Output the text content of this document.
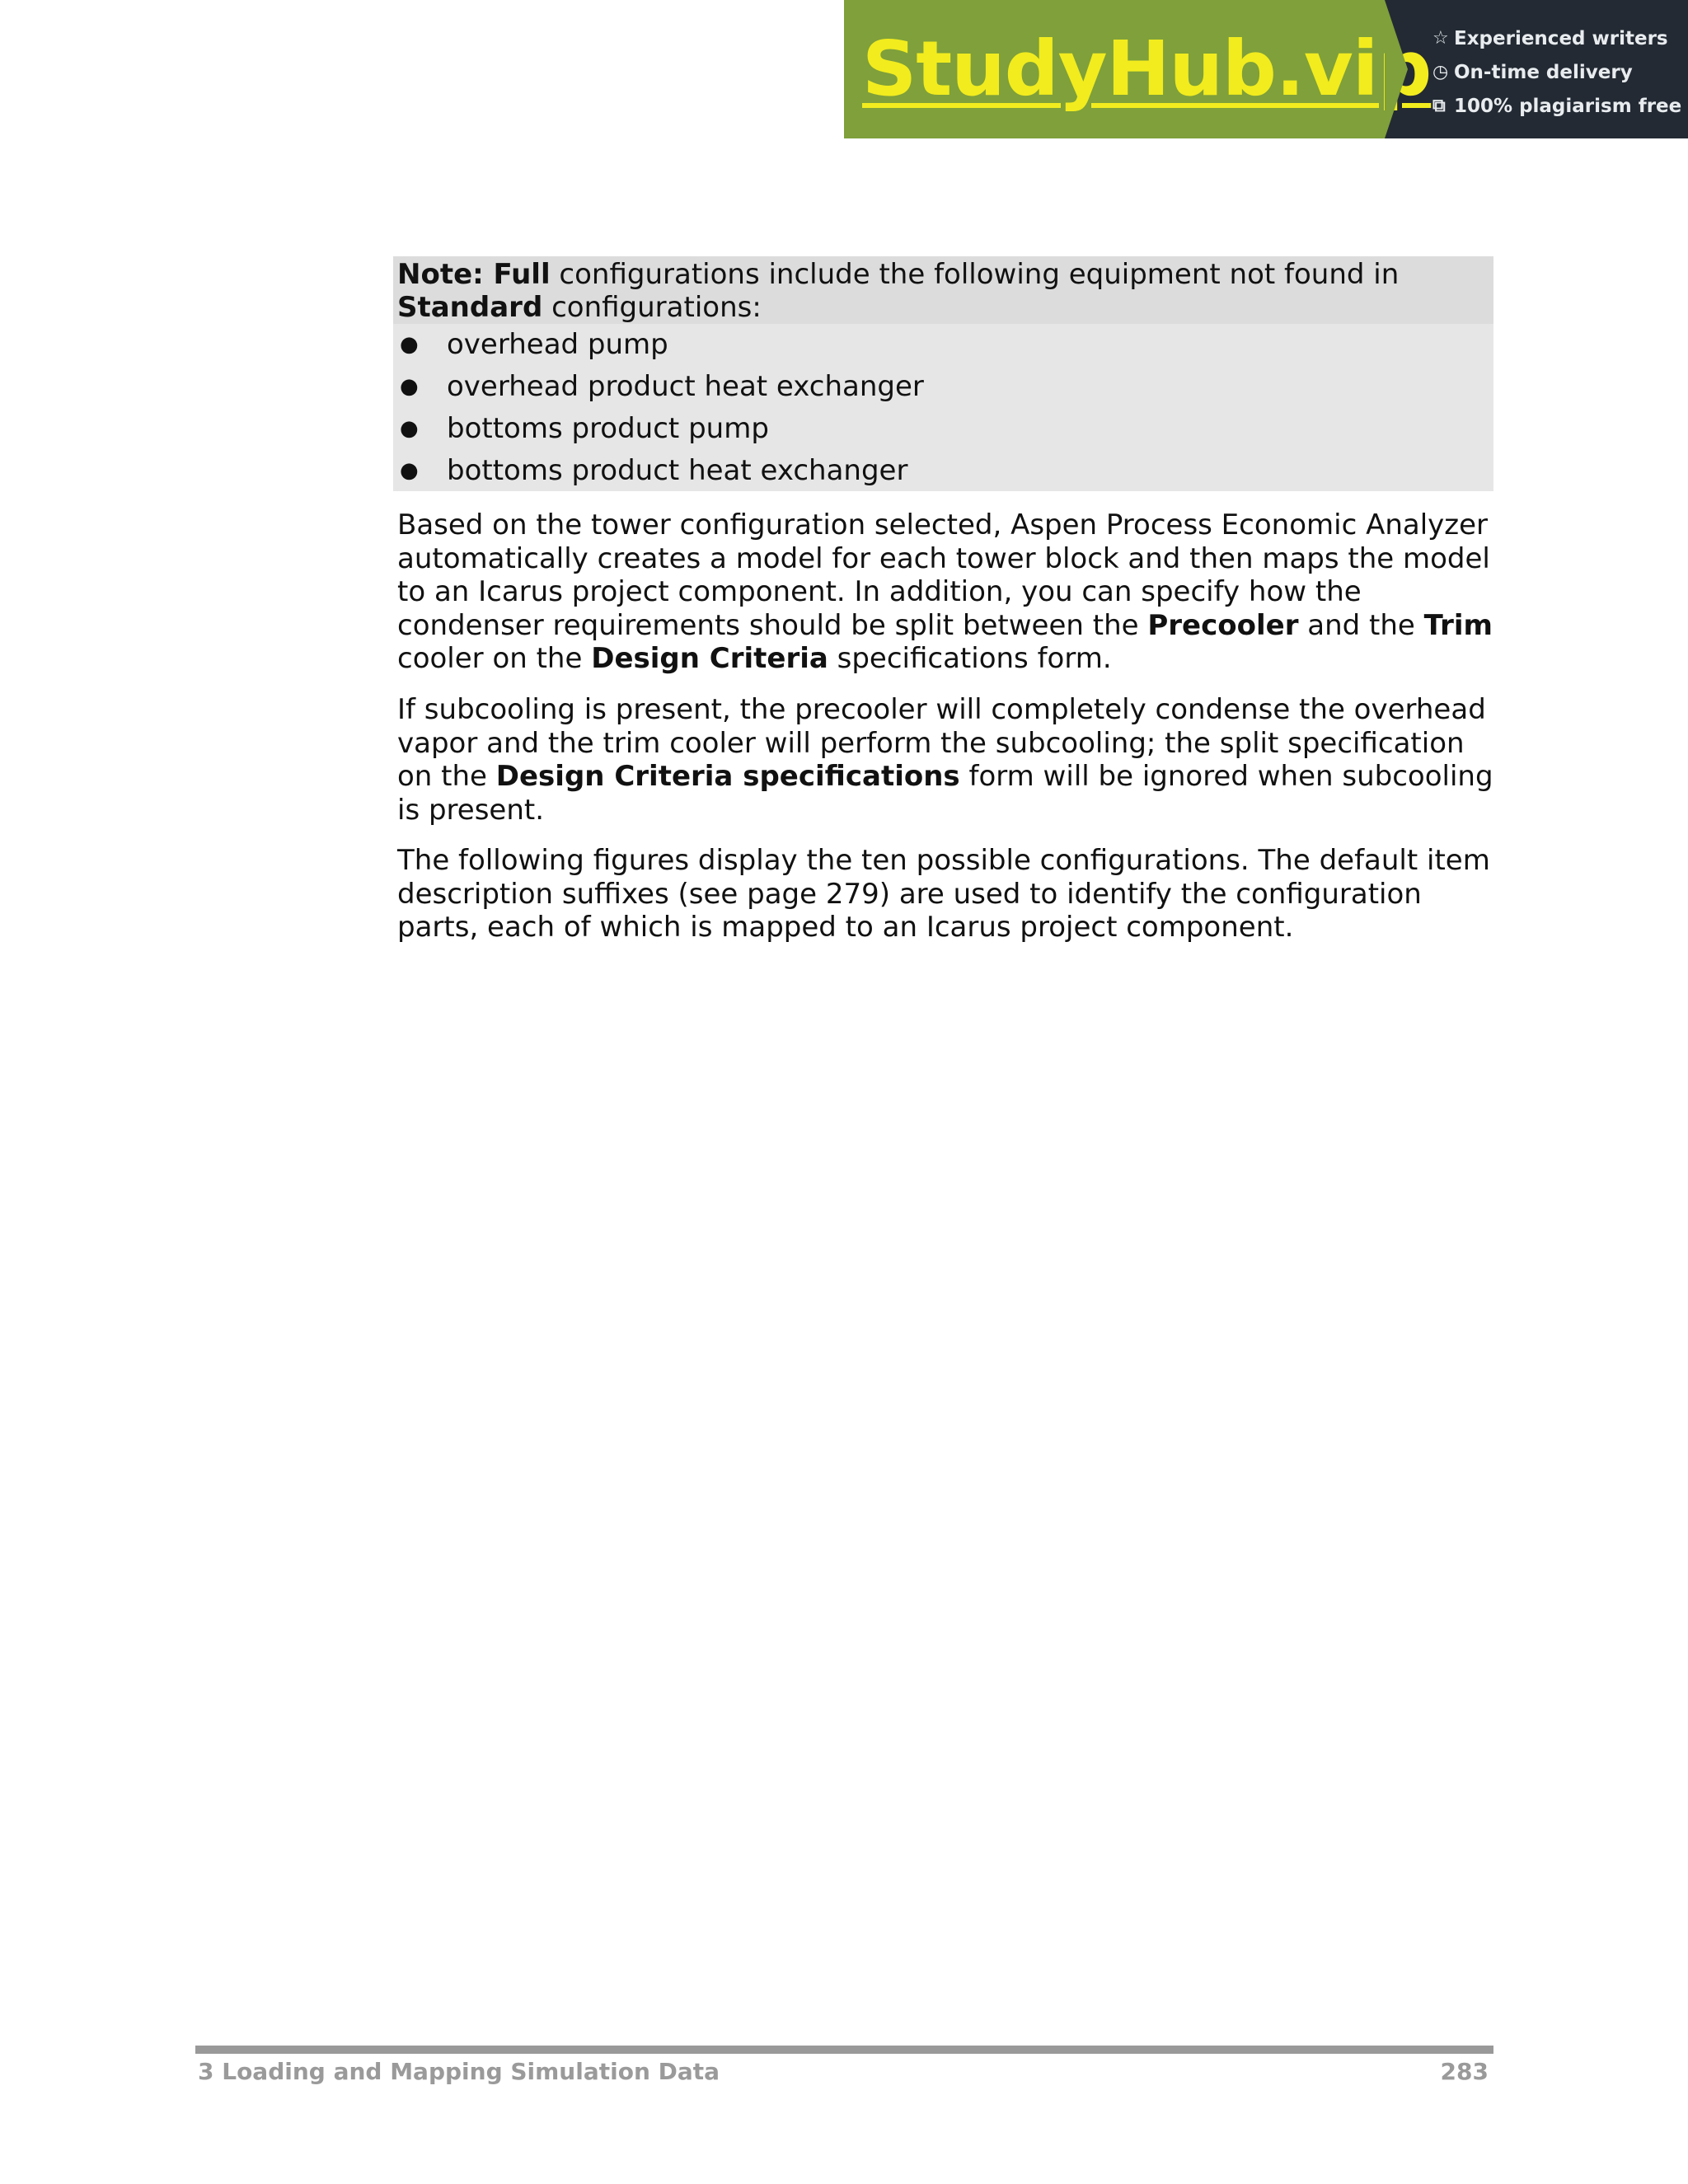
StudyHub.vip ☆ Experienced writers
◷ On-time delivery
⧉ 100% plagiarism free
Note: Full configurations include the following equipment not found in
Standard configurations:
● overhead pump
● overhead product heat exchanger
● bottoms product pump
● bottoms product heat exchanger

Based on the tower configuration selected, Aspen Process Economic Analyzer automatically creates a model for each tower block and then maps the model to an Icarus project component. In addition, you can specify how the condenser requirements should be split between the Precooler and the Trim cooler on the Design Criteria specifications form.

If subcooling is present, the precooler will completely condense the overhead vapor and the trim cooler will perform the subcooling; the split specification on the Design Criteria specifications form will be ignored when subcooling is present.

The following figures display the ten possible configurations. The default item description suffixes (see page 279) are used to identify the configuration parts, each of which is mapped to an Icarus project component.

3 Loading and Mapping Simulation Data	283
